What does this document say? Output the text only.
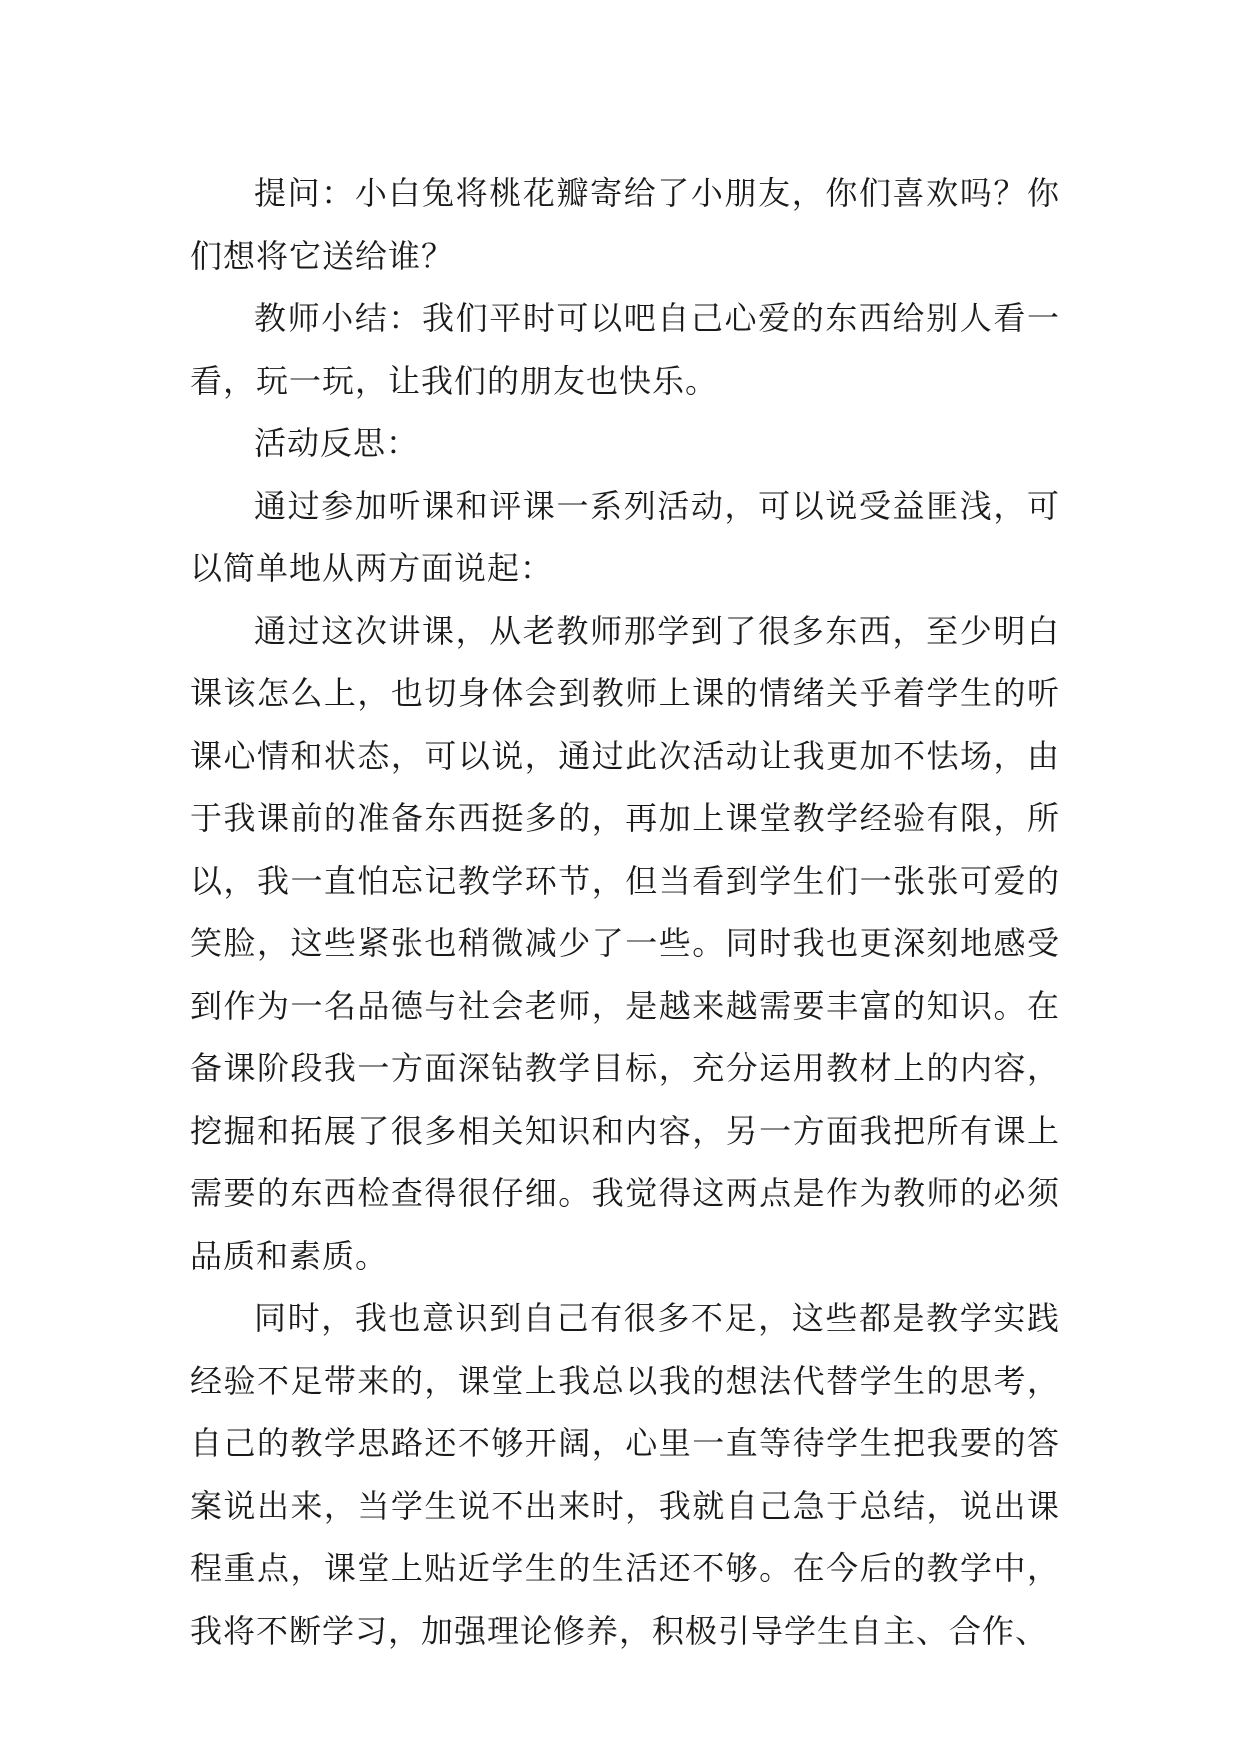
提问：小白兔将桃花瓣寄给了小朋友，你们喜欢吗？你们想将它送给谁？

教师小结：我们平时可以吧自己心爱的东西给别人看一看，玩一玩，让我们的朋友也快乐。

活动反思：

通过参加听课和评课一系列活动，可以说受益匪浅，可以简单地从两方面说起：

通过这次讲课，从老教师那学到了很多东西，至少明白课该怎么上，也切身体会到教师上课的情绪关乎着学生的听课心情和状态，可以说，通过此次活动让我更加不怯场，由于我课前的准备东西挺多的，再加上课堂教学经验有限，所以，我一直怕忘记教学环节，但当看到学生们一张张可爱的笑脸，这些紧张也稍微减少了一些。同时我也更深刻地感受到作为一名品德与社会老师，是越来越需要丰富的知识。在备课阶段我一方面深钻教学目标，充分运用教材上的内容，挖掘和拓展了很多相关知识和内容，另一方面我把所有课上需要的东西检查得很仔细。我觉得这两点是作为教师的必须品质和素质。

同时，我也意识到自己有很多不足，这些都是教学实践经验不足带来的，课堂上我总以我的想法代替学生的思考，自己的教学思路还不够开阔，心里一直等待学生把我要的答案说出来，当学生说不出来时，我就自己急于总结，说出课程重点，课堂上贴近学生的生活还不够。在今后的教学中，我将不断学习，加强理论修养，积极引导学生自主、合作、
